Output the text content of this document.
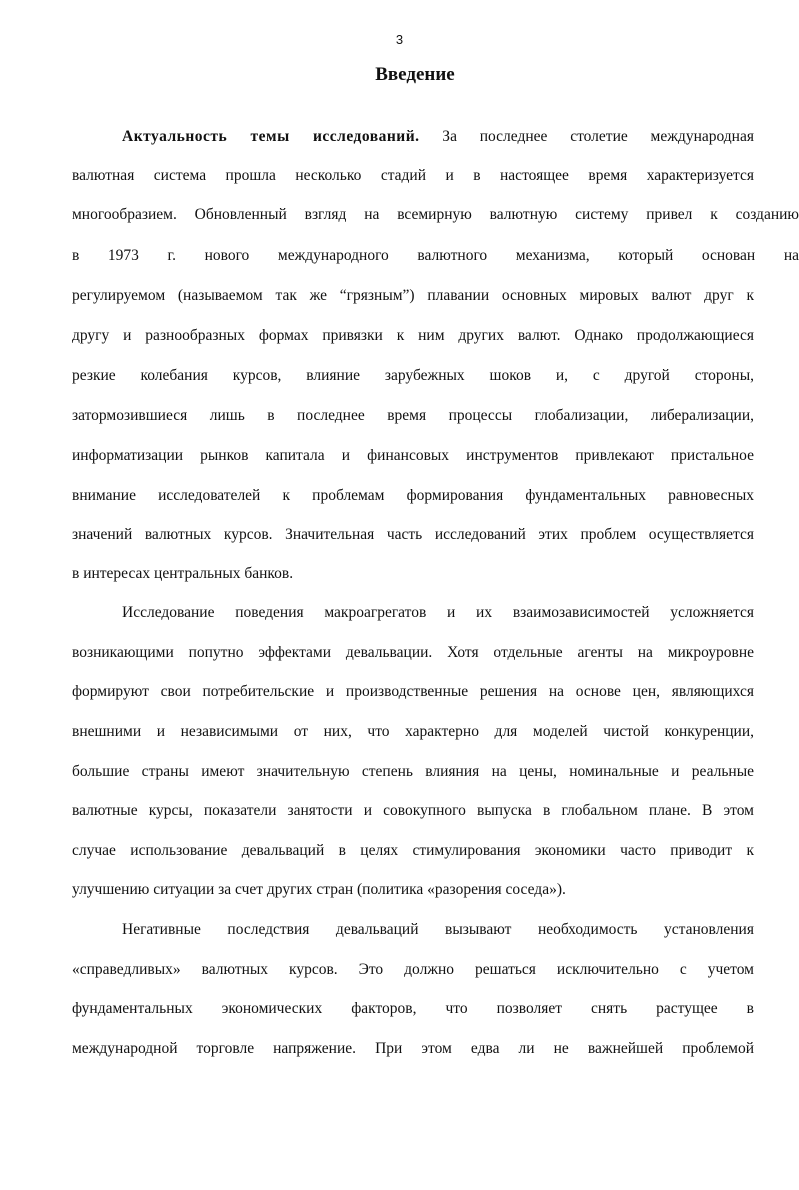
3
Введение
Актуальность темы исследований. За последнее столетие международная
валютная система прошла несколько стадий и в настоящее время характеризуется
многообразием. Обновленный взгляд на всемирную валютную систему привел к созданию
в 1973 г. нового международного валютного механизма, который основан на
регулируемом (называемом так же “грязным”) плавании основных мировых валют друг к
другу и разнообразных формах привязки к ним других валют. Однако продолжающиеся
резкие колебания курсов, влияние зарубежных шоков и, с другой стороны,
затормозившиеся лишь в последнее время процессы глобализации, либерализации,
информатизации рынков капитала и финансовых инструментов привлекают пристальное
внимание исследователей к проблемам формирования фундаментальных равновесных
значений валютных курсов. Значительная часть исследований этих проблем осуществляется
в интересах центральных банков.
Исследование поведения макроагрегатов и их взаимозависимостей усложняется
возникающими попутно эффектами девальвации. Хотя отдельные агенты на микроуровне
формируют свои потребительские и производственные решения на основе цен, являющихся
внешними и независимыми от них, что характерно для моделей чистой конкуренции,
большие страны имеют значительную степень влияния на цены, номинальные и реальные
валютные курсы, показатели занятости и совокупного выпуска в глобальном плане. В этом
случае использование девальваций в целях стимулирования экономики часто приводит к
улучшению ситуации за счет других стран (политика «разорения соседа»).
Негативные последствия девальваций вызывают необходимость установления
«справедливых» валютных курсов. Это должно решаться исключительно с учетом
фундаментальных экономических факторов, что позволяет снять растущее в
международной торговле напряжение. При этом едва ли не важнейшей проблемой
